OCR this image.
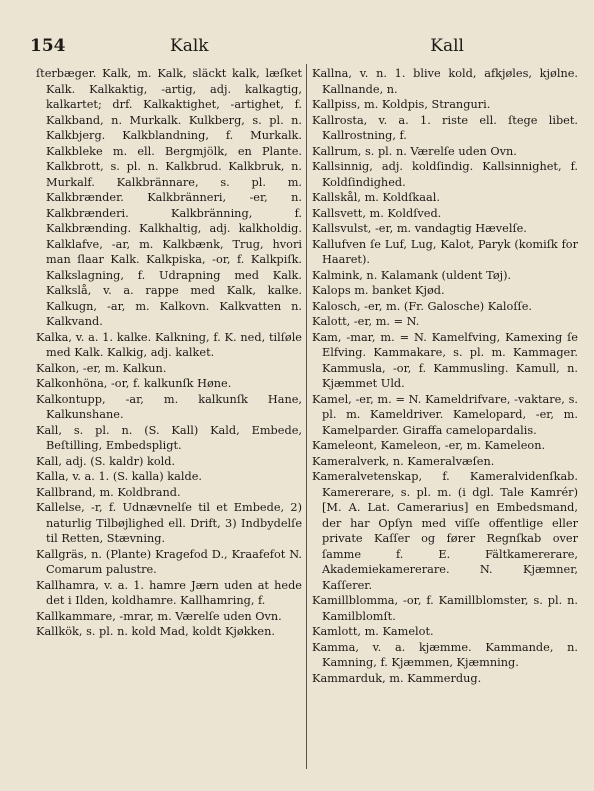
154	Kalk	Kall

ſterbæger. Kalk, m. Kalk, släckt kalk, læſket Kalk. Kalkaktig, -artig, adj. kalkagtig, kalkartet; drf. Kalkaktighet, -artighet, f. Kalkband, n. Murkalk. Kulkberg, s. pl. n. Kalkbjerg. Kalkblandning, f. Murkalk. Kalkbleke m. ell. Bergmjölk, en Plante. Kalkbrott, s. pl. n. Kalkbrud. Kalkbruk, n. Murkalf. Kalkbrännare, s. pl. m. Kalkbrænder. Kalkbränneri, -er, n. Kalkbrænderi. Kalkbränning, f. Kalkbrænding. Kalkhaltig, adj. kalkholdig. Kalklafve, -ar, m. Kalkbænk, Trug, hvori man ſlaar Kalk. Kalkpiska, -or, f. Kalkpiſk. Kalkslagning, f. Udrapning med Kalk. Kalkslå, v. a. rappe med Kalk, kalke. Kalkugn, -ar, m. Kalkovn. Kalkvatten n. Kalkvand.

Kalka, v. a. 1. kalke. Kalkning, f. K. ned, tilſøle med Kalk. Kalkig, adj. kalket.

Kalkon, -er, m. Kalkun.

Kalkonhöna, -or, f. kalkunſk Høne.

Kalkontupp, -ar, m. kalkunſk Hane, Kalkunshane.

Kall, s. pl. n. (S. Kall) Kald, Embede, Beſtilling, Embedspligt.

Kall, adj. (S. kaldr) kold.

Kalla, v. a. 1. (S. kalla) kalde.

Kallbrand, m. Koldbrand.

Kallelse, -r, f. Udnævnelſe til et Embede, 2) naturlig Tilbøjlighed ell. Drift, 3) Indbydelſe til Retten, Stævning.

Kallgräs, n. (Plante) Kragefod D., Kraafefot N. Comarum palustre.

Kallhamra, v. a. 1. hamre Jærn uden at hede det i Ilden, koldhamre. Kallhamring, f.

Kallkammare, -mrar, m. Værelſe uden Ovn.

Kallkök, s. pl. n. kold Mad, koldt Kjøkken.

Kallna, v. n. 1. blive kold, afkjøles, kjølne. Kallnande, n.

Kallpiss, m. Koldpis, Stranguri.

Kallrosta, v. a. 1. riste ell. ſtege libet. Kallrostning, f.

Kallrum, s. pl. n. Værelſe uden Ovn.

Kallsinnig, adj. koldſindig. Kallsinnighet, f. Koldſindighed.

Kallskål, m. Koldſkaal.

Kallsvett, m. Koldſved.

Kallsvulst, -er, m. vandagtig Hævelſe.

Kallufven ſe Luf, Lug, Kalot, Paryk (komiſk for Haaret).

Kalmink, n. Kalamank (uldent Tøj).

Kalops m. banket Kjød.

Kalosch, -er, m. (Fr. Galosche) Kaloſſe.

Kalott, -er, m. = N.

Kam, -mar, m. = N. Kamelfving, Kamexing ſe Elfving. Kammakare, s. pl. m. Kammager. Kammusla, -or, f. Kammusling. Kamull, n. Kjæmmet Uld.

Kamel, -er, m. = N. Kameldrifvare, -vaktare, s. pl. m. Kameldriver. Kamelopard, -er, m. Kamelparder. Giraffa camelopardalis.

Kameleont, Kameleon, -er, m. Kameleon.

Kameralverk, n. Kameralvæſen.

Kameralvetenskap, f. Kameralvidenſkab. Kamererare, s. pl. m. (i dgl. Tale Kamrér) [M. A. Lat. Camerarius] en Embedsmand, der har Opſyn med viſſe offentlige eller private Kaſſer og fører Regnſkab over ſamme f. E. Fältkamererare, Akademiekamererare. N. Kjæmner, Kaſſerer.

Kamillblomma, -or, f. Kamillblomster, s. pl. n. Kamilblomſt.

Kamlott, m. Kamelot.

Kamma, v. a. kjæmme. Kammande, n. Kamning, f. Kjæmmen, Kjæmning.

Kammarduk, m. Kammerdug.
